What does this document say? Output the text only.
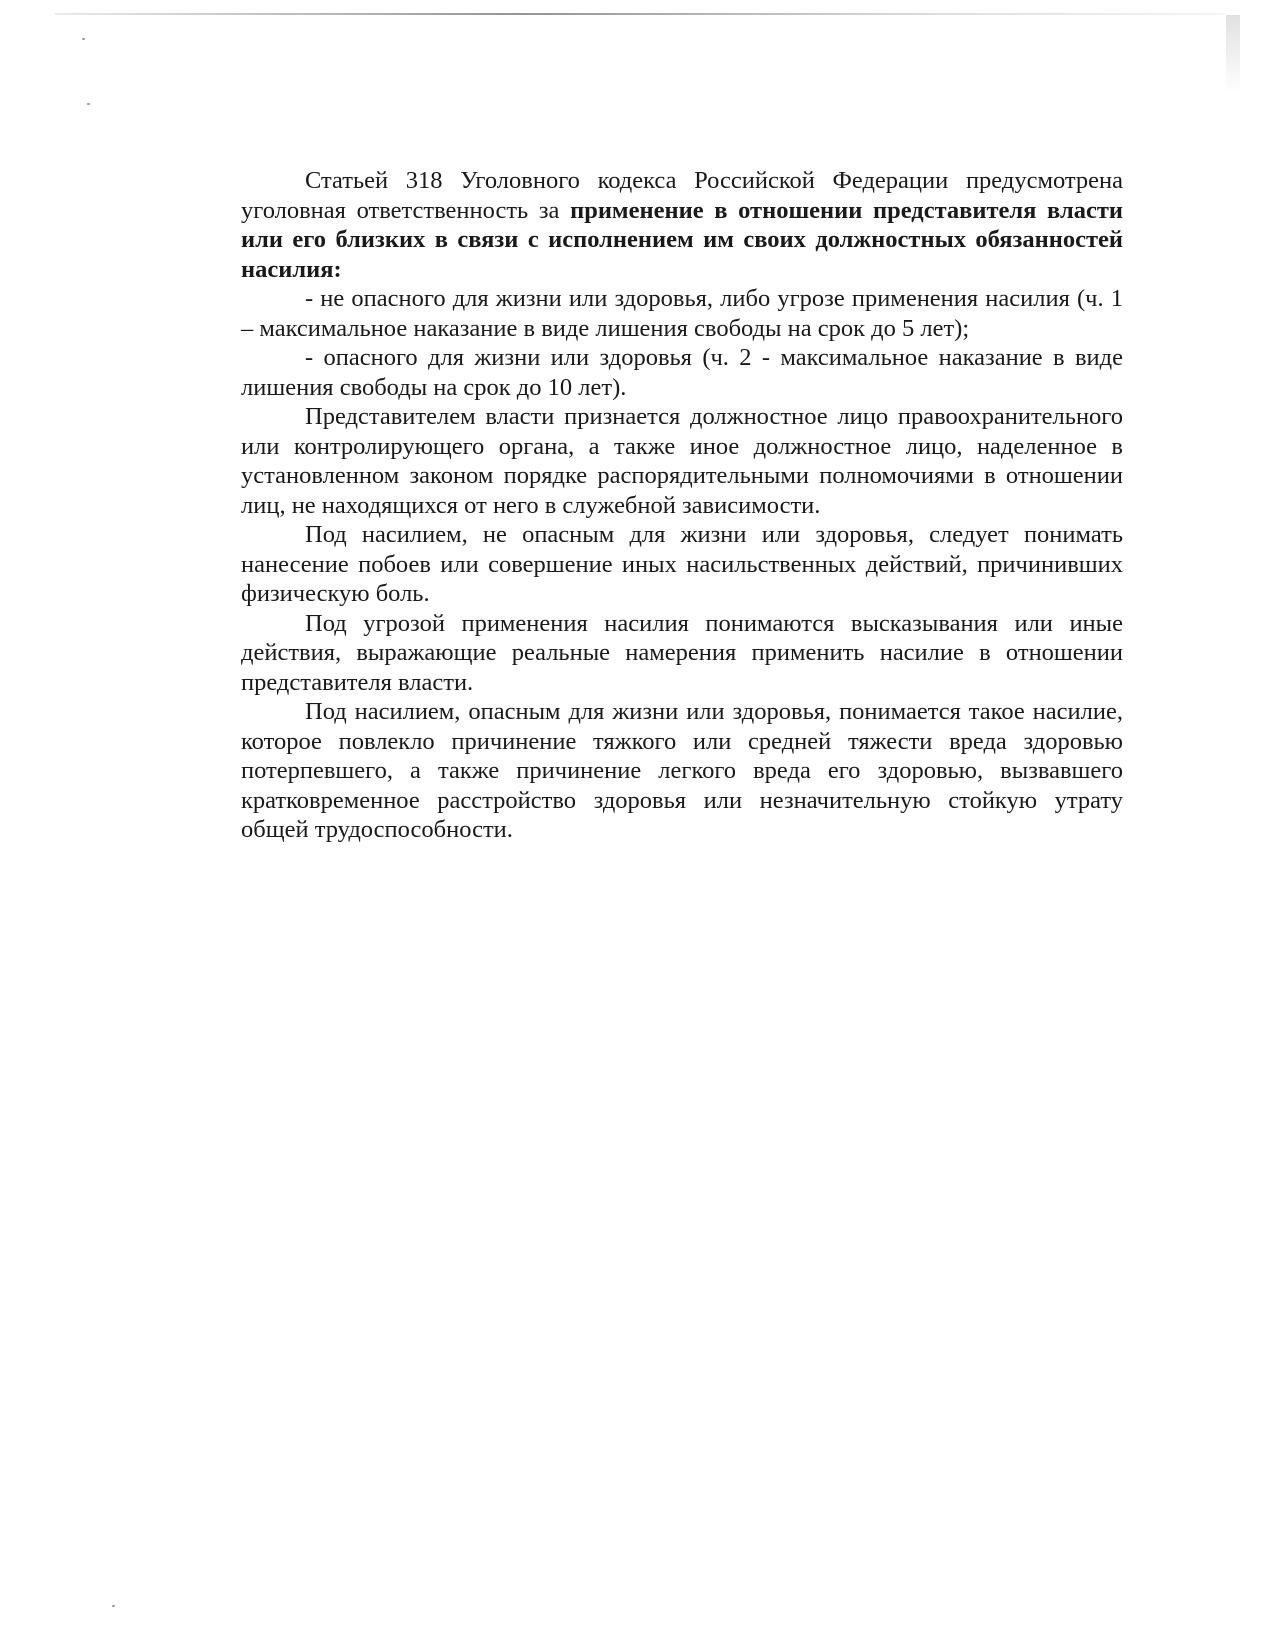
Статьей 318 Уголовного кодекса Российской Федерации предусмотрена уголовная ответственность за применение в отношении представителя власти или его близких в связи с исполнением им своих должностных обязанностей насилия:

- не опасного для жизни или здоровья, либо угрозе применения насилия (ч. 1 – максимальное наказание в виде лишения свободы на срок до 5 лет);

- опасного для жизни или здоровья (ч. 2 - максимальное наказание в виде лишения свободы на срок до 10 лет).

Представителем власти признается должностное лицо правоохранительного или контролирующего органа, а также иное должностное лицо, наделенное в установленном законом порядке распорядительными полномочиями в отношении лиц, не находящихся от него в служебной зависимости.

Под насилием, не опасным для жизни или здоровья, следует понимать нанесение побоев или совершение иных насильственных действий, причинивших физическую боль.

Под угрозой применения насилия понимаются высказывания или иные действия, выражающие реальные намерения применить насилие в отношении представителя власти.

Под насилием, опасным для жизни или здоровья, понимается такое насилие, которое повлекло причинение тяжкого или средней тяжести вреда здоровью потерпевшего, а также причинение легкого вреда его здоровью, вызвавшего кратковременное расстройство здоровья или незначительную стойкую утрату общей трудоспособности.
